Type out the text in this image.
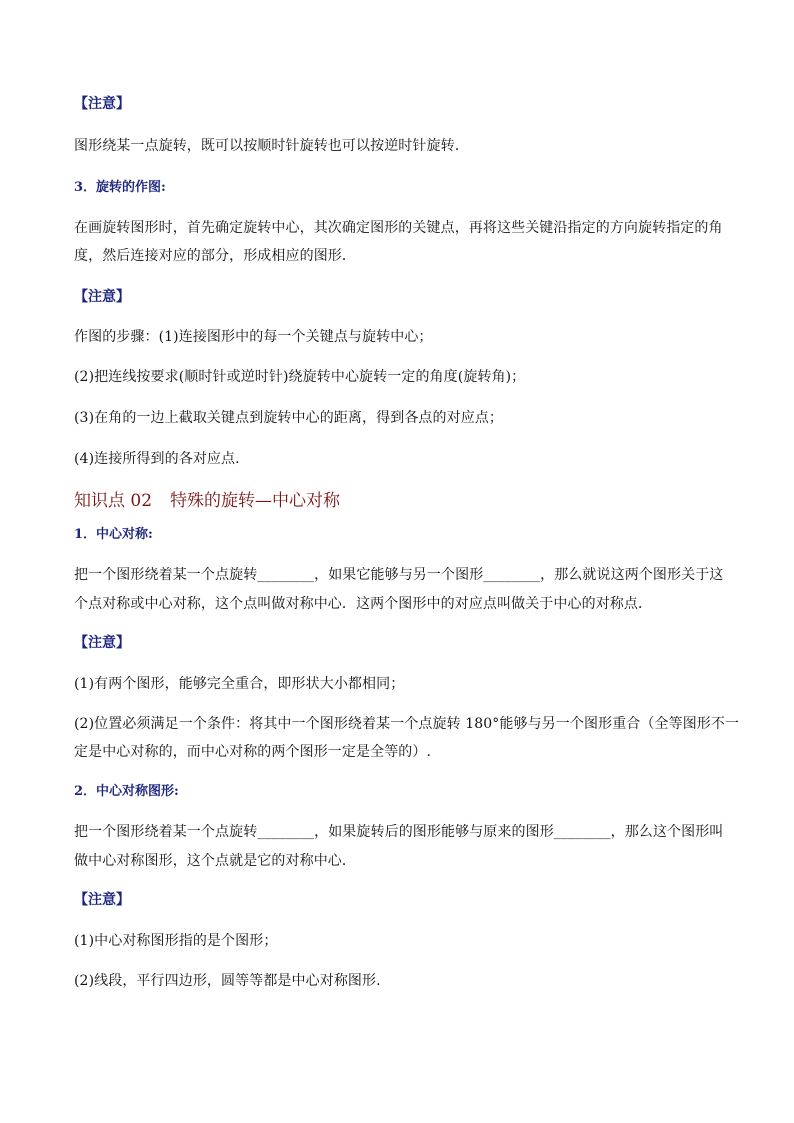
【注意】
图形绕某一点旋转，既可以按顺时针旋转也可以按逆时针旋转.
3．旋转的作图:
在画旋转图形时，首先确定旋转中心，其次确定图形的关键点，再将这些关键沿指定的方向旋转指定的角
度，然后连接对应的部分，形成相应的图形．
【注意】
作图的步骤：(1)连接图形中的每一个关键点与旋转中心；
(2)把连线按要求(顺时针或逆时针)绕旋转中心旋转一定的角度(旋转角)；
(3)在角的一边上截取关键点到旋转中心的距离，得到各点的对应点；
(4)连接所得到的各对应点.
知识点 02 特殊的旋转—中心对称
1．中心对称:
把一个图形绕着某一个点旋转________，如果它能够与另一个图形________，那么就说这两个图形关于这
个点对称或中心对称，这个点叫做对称中心．这两个图形中的对应点叫做关于中心的对称点．
【注意】
(1)有两个图形，能够完全重合，即形状大小都相同；
(2)位置必须满足一个条件：将其中一个图形绕着某一个点旋转 180°能够与另一个图形重合（全等图形不一
定是中心对称的，而中心对称的两个图形一定是全等的）.
2．中心对称图形:
把一个图形绕着某一个点旋转________，如果旋转后的图形能够与原来的图形________，那么这个图形叫
做中心对称图形，这个点就是它的对称中心．
【注意】
(1)中心对称图形指的是个图形；
(2)线段，平行四边形，圆等等都是中心对称图形.
